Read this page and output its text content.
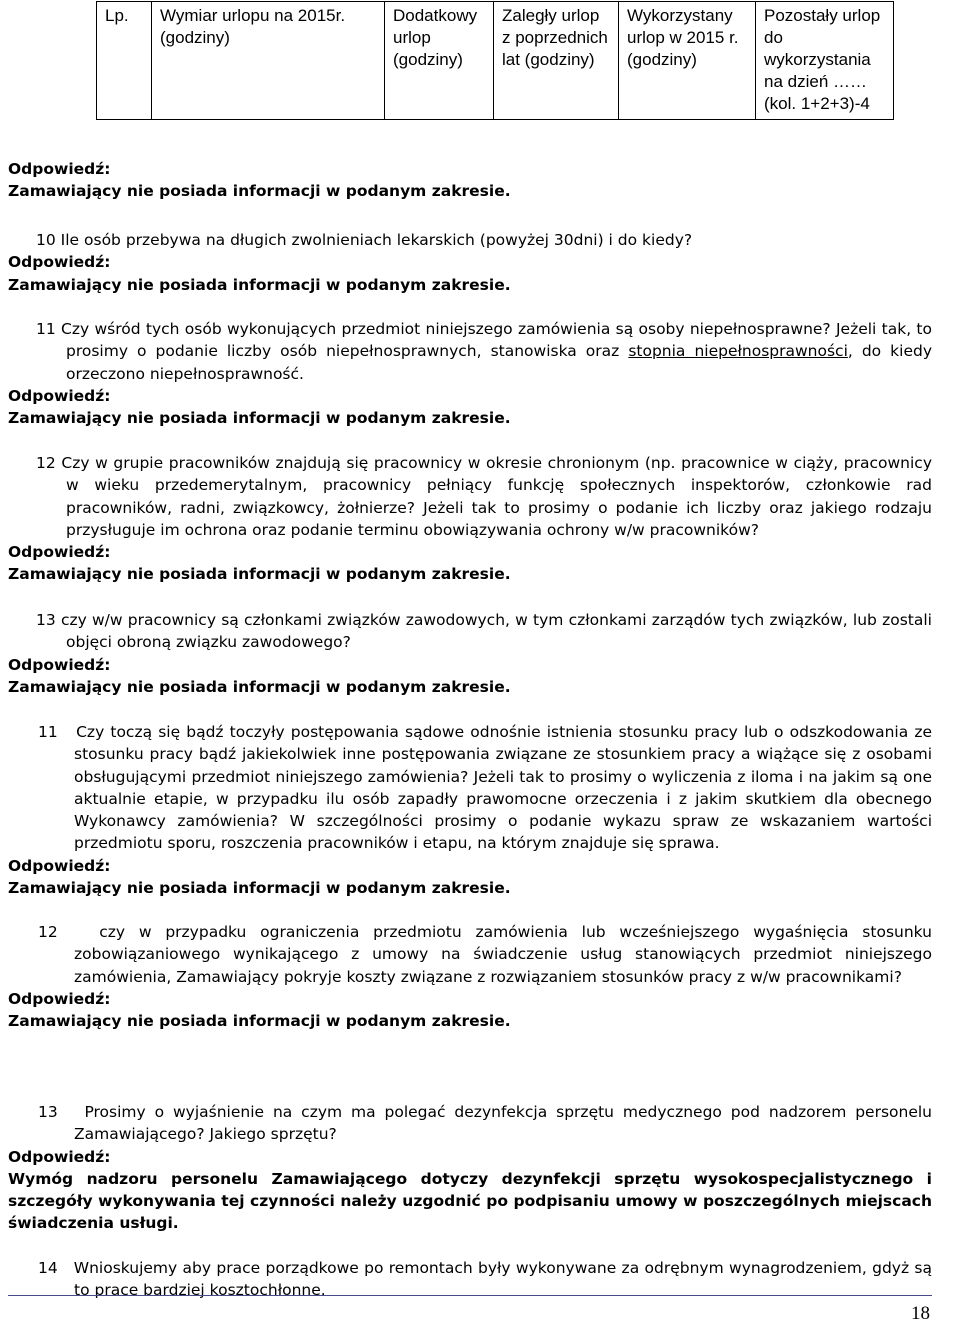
Lp.	Wymiar urlopu na 2015r. (godziny)	Dodatkowy urlop (godziny)	Zaległy urlop z poprzednich lat (godziny)	Wykorzystany urlop w 2015 r. (godziny)	Pozostały urlop do wykorzystania na dzień …… (kol. 1+2+3)-4
Odpowiedź:
Zamawiający nie posiada informacji w podanym zakresie.
10 Ile osób przebywa na długich zwolnieniach lekarskich (powyżej 30dni) i do kiedy?
Odpowiedź:
Zamawiający nie posiada informacji w podanym zakresie.
11 Czy wśród tych osób wykonujących przedmiot niniejszego zamówienia są osoby niepełnosprawne? Jeżeli tak, to prosimy o podanie liczby osób niepełnosprawnych, stanowiska oraz stopnia niepełnosprawności, do kiedy orzeczono niepełnosprawność.
Odpowiedź:
Zamawiający nie posiada informacji w podanym zakresie.
12 Czy w grupie pracowników znajdują się pracownicy w okresie chronionym (np. pracownice w ciąży, pracownicy w wieku przedemerytalnym, pracownicy pełniący funkcję społecznych inspektorów, członkowie rad pracowników, radni, związkowcy, żołnierze? Jeżeli tak to prosimy o podanie ich liczby oraz jakiego rodzaju przysługuje im ochrona oraz podanie terminu obowiązywania ochrony w/w pracowników?
Odpowiedź:
Zamawiający nie posiada informacji w podanym zakresie.
13 czy w/w pracownicy są członkami związków zawodowych, w tym członkami zarządów tych związków, lub zostali objęci obroną związku zawodowego?
Odpowiedź:
Zamawiający nie posiada informacji w podanym zakresie.
11 Czy toczą się bądź toczyły postępowania sądowe odnośnie istnienia stosunku pracy lub o odszkodowania ze stosunku pracy bądź jakiekolwiek inne postępowania związane ze stosunkiem pracy a wiążące się z osobami obsługującymi przedmiot niniejszego zamówienia? Jeżeli tak to prosimy o wyliczenia z iloma i na jakim są one aktualnie etapie, w przypadku ilu osób zapadły prawomocne orzeczenia i z jakim skutkiem dla obecnego Wykonawcy zamówienia? W szczególności prosimy o podanie wykazu spraw ze wskazaniem wartości przedmiotu sporu, roszczenia pracowników i etapu, na którym znajduje się sprawa.
Odpowiedź:
Zamawiający nie posiada informacji w podanym zakresie.
12	czy w przypadku ograniczenia przedmiotu zamówienia lub wcześniejszego wygaśnięcia stosunku zobowiązaniowego wynikającego z umowy na świadczenie usług stanowiących przedmiot niniejszego zamówienia, Zamawiający pokryje koszty związane z rozwiązaniem stosunków pracy z w/w pracownikami?
Odpowiedź:
Zamawiający nie posiada informacji w podanym zakresie.
13 Prosimy o wyjaśnienie na czym ma polegać dezynfekcja sprzętu medycznego pod nadzorem personelu Zamawiającego? Jakiego sprzętu?
Odpowiedź:
Wymóg nadzoru personelu Zamawiającego dotyczy dezynfekcji sprzętu wysokospecjalistycznego i szczegóły wykonywania tej czynności należy uzgodnić po podpisaniu umowy w poszczególnych miejscach świadczenia usługi.
14 Wnioskujemy aby prace porządkowe po remontach były wykonywane za odrębnym wynagrodzeniem, gdyż są to prace bardziej kosztochłonne.
18
